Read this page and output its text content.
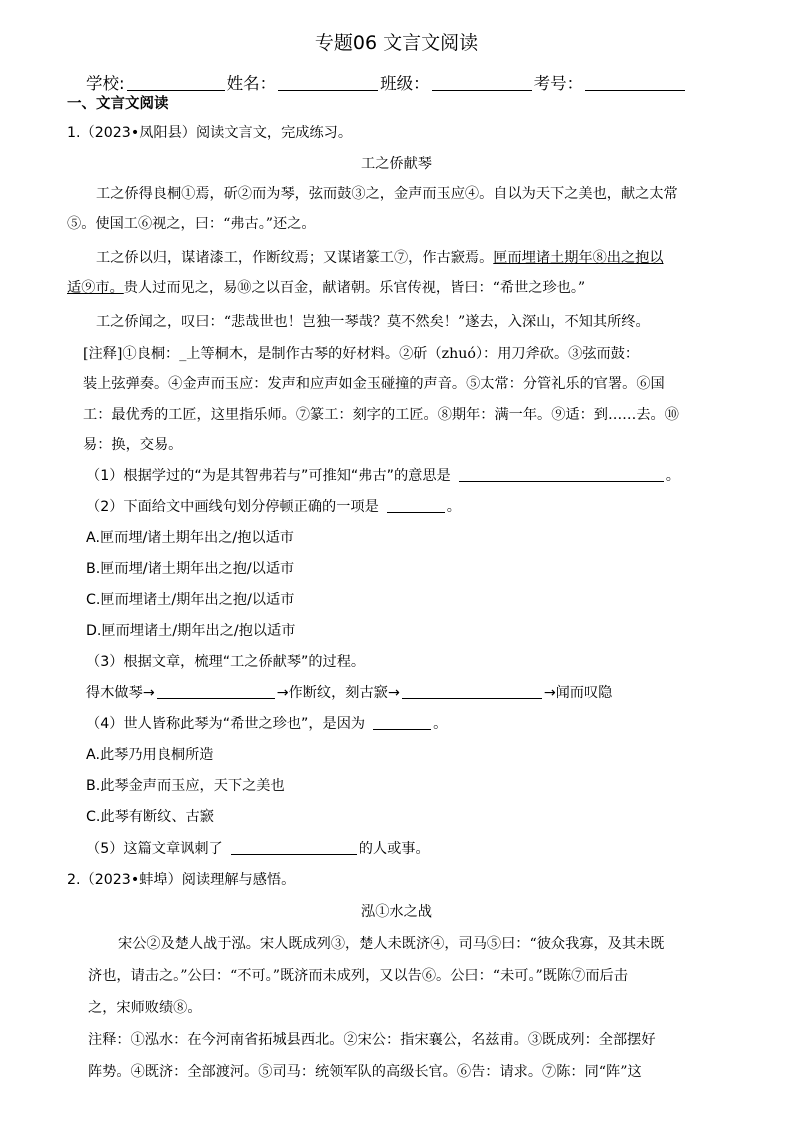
专题06 文言文阅读
学校:	姓名：	班级：	考号：
一、文言文阅读
1.（2023•凤阳县）阅读文言文，完成练习。
工之侨献琴
工之侨得良桐①焉，斫②而为琴，弦而鼓③之，金声而玉应④。自以为天下之美也，献之太常
⑤。使国工⑥视之，曰：“弗古。”还之。
工之侨以归，谋诸漆工，作断纹焉；又谋诸篆工⑦，作古窾焉。匣而埋诸土期年⑧出之抱以
适⑨市。贵人过而见之，易⑩之以百金，献诸朝。乐官传视，皆曰：“希世之珍也。”
工之侨闻之，叹曰：“悲哉世也！岂独一琴哉？莫不然矣！”遂去，入深山，不知其所终。
[注释]①良桐：_上等桐木，是制作古琴的好材料。②斫（zhuó）：用刀斧砍。③弦而鼓：
装上弦弹奏。④金声而玉应：发声和应声如金玉碰撞的声音。⑤太常：分管礼乐的官署。⑥国
工：最优秀的工匠，这里指乐师。⑦篆工：刻字的工匠。⑧期年：满一年。⑨适：到……去。⑩
易：换，交易。
（1）根据学过的“为是其智弗若与”可推知“弗古”的意思是	。
（2）下面给文中画线句划分停顿正确的一项是	。
A.匣而埋/诸土期年出之/抱以适市
B.匣而埋/诸土期年出之抱/以适市
C.匣而埋诸土/期年出之抱/以适市
D.匣而埋诸土/期年出之/抱以适市
（3）根据文章，梳理“工之侨献琴”的过程。
得木做琴→	→作断纹，刻古窾→	→闻而叹隐
（4）世人皆称此琴为“希世之珍也”，是因为	。
A.此琴乃用良桐所造
B.此琴金声而玉应，天下之美也
C.此琴有断纹、古窾
（5）这篇文章讽刺了	的人或事。
2.（2023•蚌埠）阅读理解与感悟。
泓①水之战
宋公②及楚人战于泓。宋人既成列③，楚人未既济④，司马⑤曰：“彼众我寡，及其未既
济也，请击之。”公曰：“不可。”既济而未成列，又以告⑥。公曰：“未可。”既陈⑦而后击
之，宋师败绩⑧。
注释：①泓水：在今河南省拓城县西北。②宋公：指宋襄公，名兹甫。③既成列：全部摆好
阵势。④既济：全部渡河。⑤司马：统领军队的高级长官。⑥告：请求。⑦陈：同“阵”这
